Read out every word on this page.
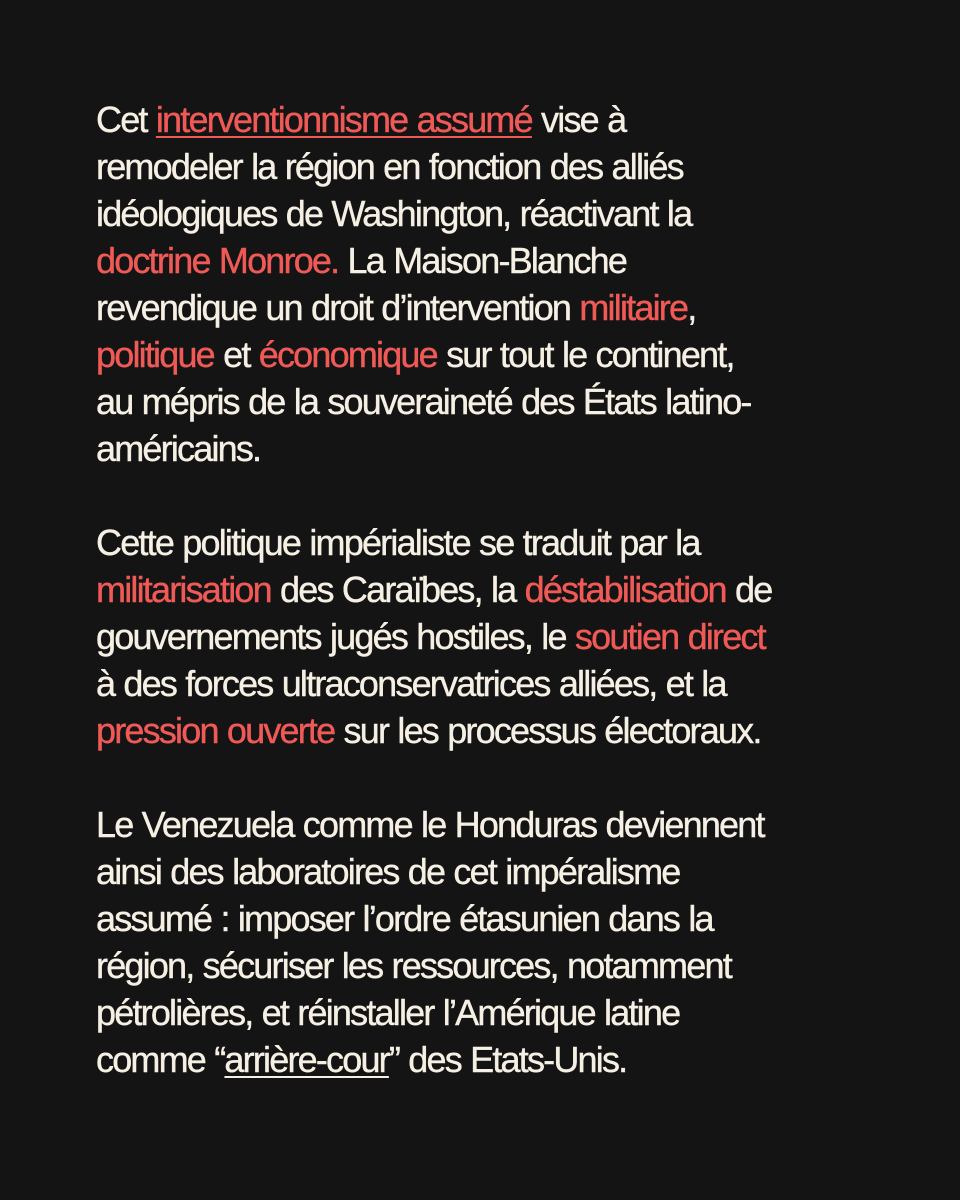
Cet interventionnisme assumé vise à
remodeler la région en fonction des alliés
idéologiques de Washington, réactivant la
doctrine Monroe. La Maison-Blanche
revendique un droit d’intervention militaire,
politique et économique sur tout le continent,
au mépris de la souveraineté des États latino-
américains.

Cette politique impérialiste se traduit par la
militarisation des Caraïbes, la déstabilisation de
gouvernements jugés hostiles, le soutien direct
à des forces ultraconservatrices alliées, et la
pression ouverte sur les processus électoraux.

Le Venezuela comme le Honduras deviennent
ainsi des laboratoires de cet impéralisme
assumé : imposer l’ordre étasunien dans la
région, sécuriser les ressources, notamment
pétrolières, et réinstaller l’Amérique latine
comme “arrière-cour” des Etats-Unis.
